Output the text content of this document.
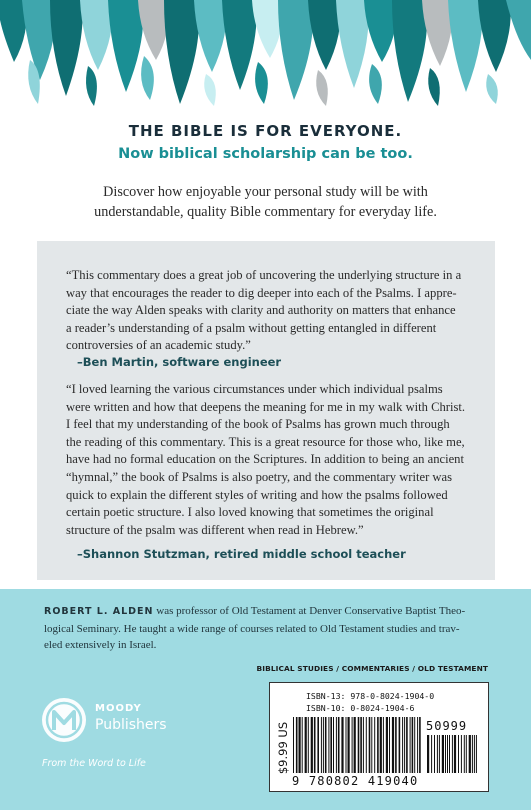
THE BIBLE IS FOR EVERYONE.
Now biblical scholarship can be too.
Discover how enjoyable your personal study will be with
understandable, quality Bible commentary for everyday life.
“This commentary does a great job of uncovering the underlying structure in a
way that encourages the reader to dig deeper into each of the Psalms. I appre-
ciate the way Alden speaks with clarity and authority on matters that enhance
a reader’s understanding of a psalm without getting entangled in different
controversies of an academic study.”
–Ben Martin, software engineer
“I loved learning the various circumstances under which individual psalms
were written and how that deepens the meaning for me in my walk with Christ.
I feel that my understanding of the book of Psalms has grown much through
the reading of this commentary. This is a great resource for those who, like me,
have had no formal education on the Scriptures. In addition to being an ancient
“hymnal,” the book of Psalms is also poetry, and the commentary writer was
quick to explain the different styles of writing and how the psalms followed
certain poetic structure. I also loved knowing that sometimes the original
structure of the psalm was different when read in Hebrew.”
–Shannon Stutzman, retired middle school teacher
ROBERT L. ALDEN was professor of Old Testament at Denver Conservative Baptist Theo-
logical Seminary. He taught a wide range of courses related to Old Testament studies and trav-
eled extensively in Israel.
BIBLICAL STUDIES / COMMENTARIES / OLD TESTAMENT
MOODY
Publishers
From the Word to Life
ISBN-13: 978-0-8024-1904-0
ISBN-10: 0-8024-1904-6
$9.99 US	50999
9 780802 419040
